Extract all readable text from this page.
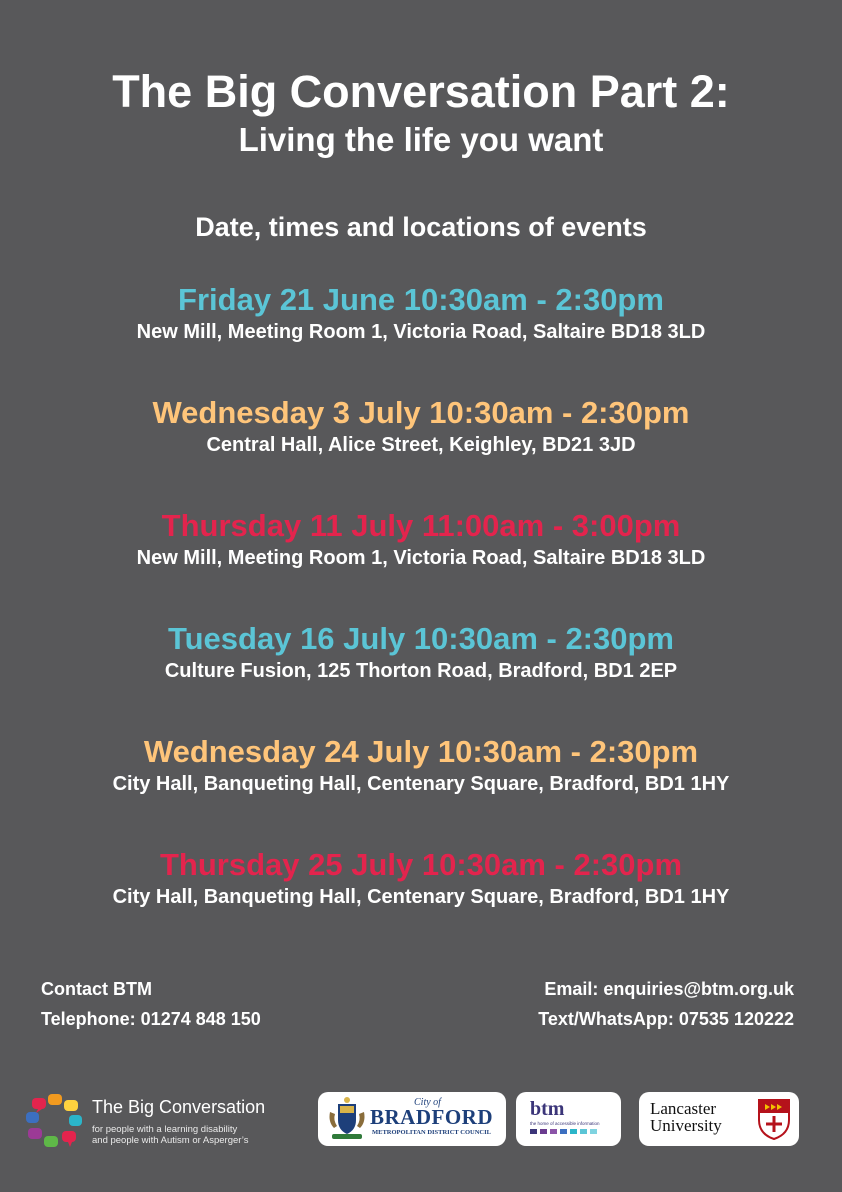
The Big Conversation Part 2:
Living the life you want
Date, times and locations of events
Friday 21 June 10:30am - 2:30pm
New Mill, Meeting Room 1, Victoria Road, Saltaire BD18 3LD
Wednesday 3 July 10:30am - 2:30pm
Central Hall, Alice Street, Keighley, BD21 3JD
Thursday 11 July 11:00am - 3:00pm
New Mill, Meeting Room 1, Victoria Road, Saltaire BD18 3LD
Tuesday 16 July 10:30am - 2:30pm
Culture Fusion, 125 Thorton Road, Bradford, BD1 2EP
Wednesday 24 July 10:30am - 2:30pm
City Hall, Banqueting Hall, Centenary Square, Bradford, BD1 1HY
Thursday 25 July 10:30am - 2:30pm
City Hall, Banqueting Hall, Centenary Square, Bradford, BD1 1HY
Contact BTM
Telephone: 01274 848 150
Email: enquiries@btm.org.uk
Text/WhatsApp: 07535 120222
The Big Conversation
for people with a learning disability
and people with Autism or Asperger’s
City of
BRADFORD
METROPOLITAN DISTRICT COUNCIL
btm
the home of accessible information
Lancaster
University
